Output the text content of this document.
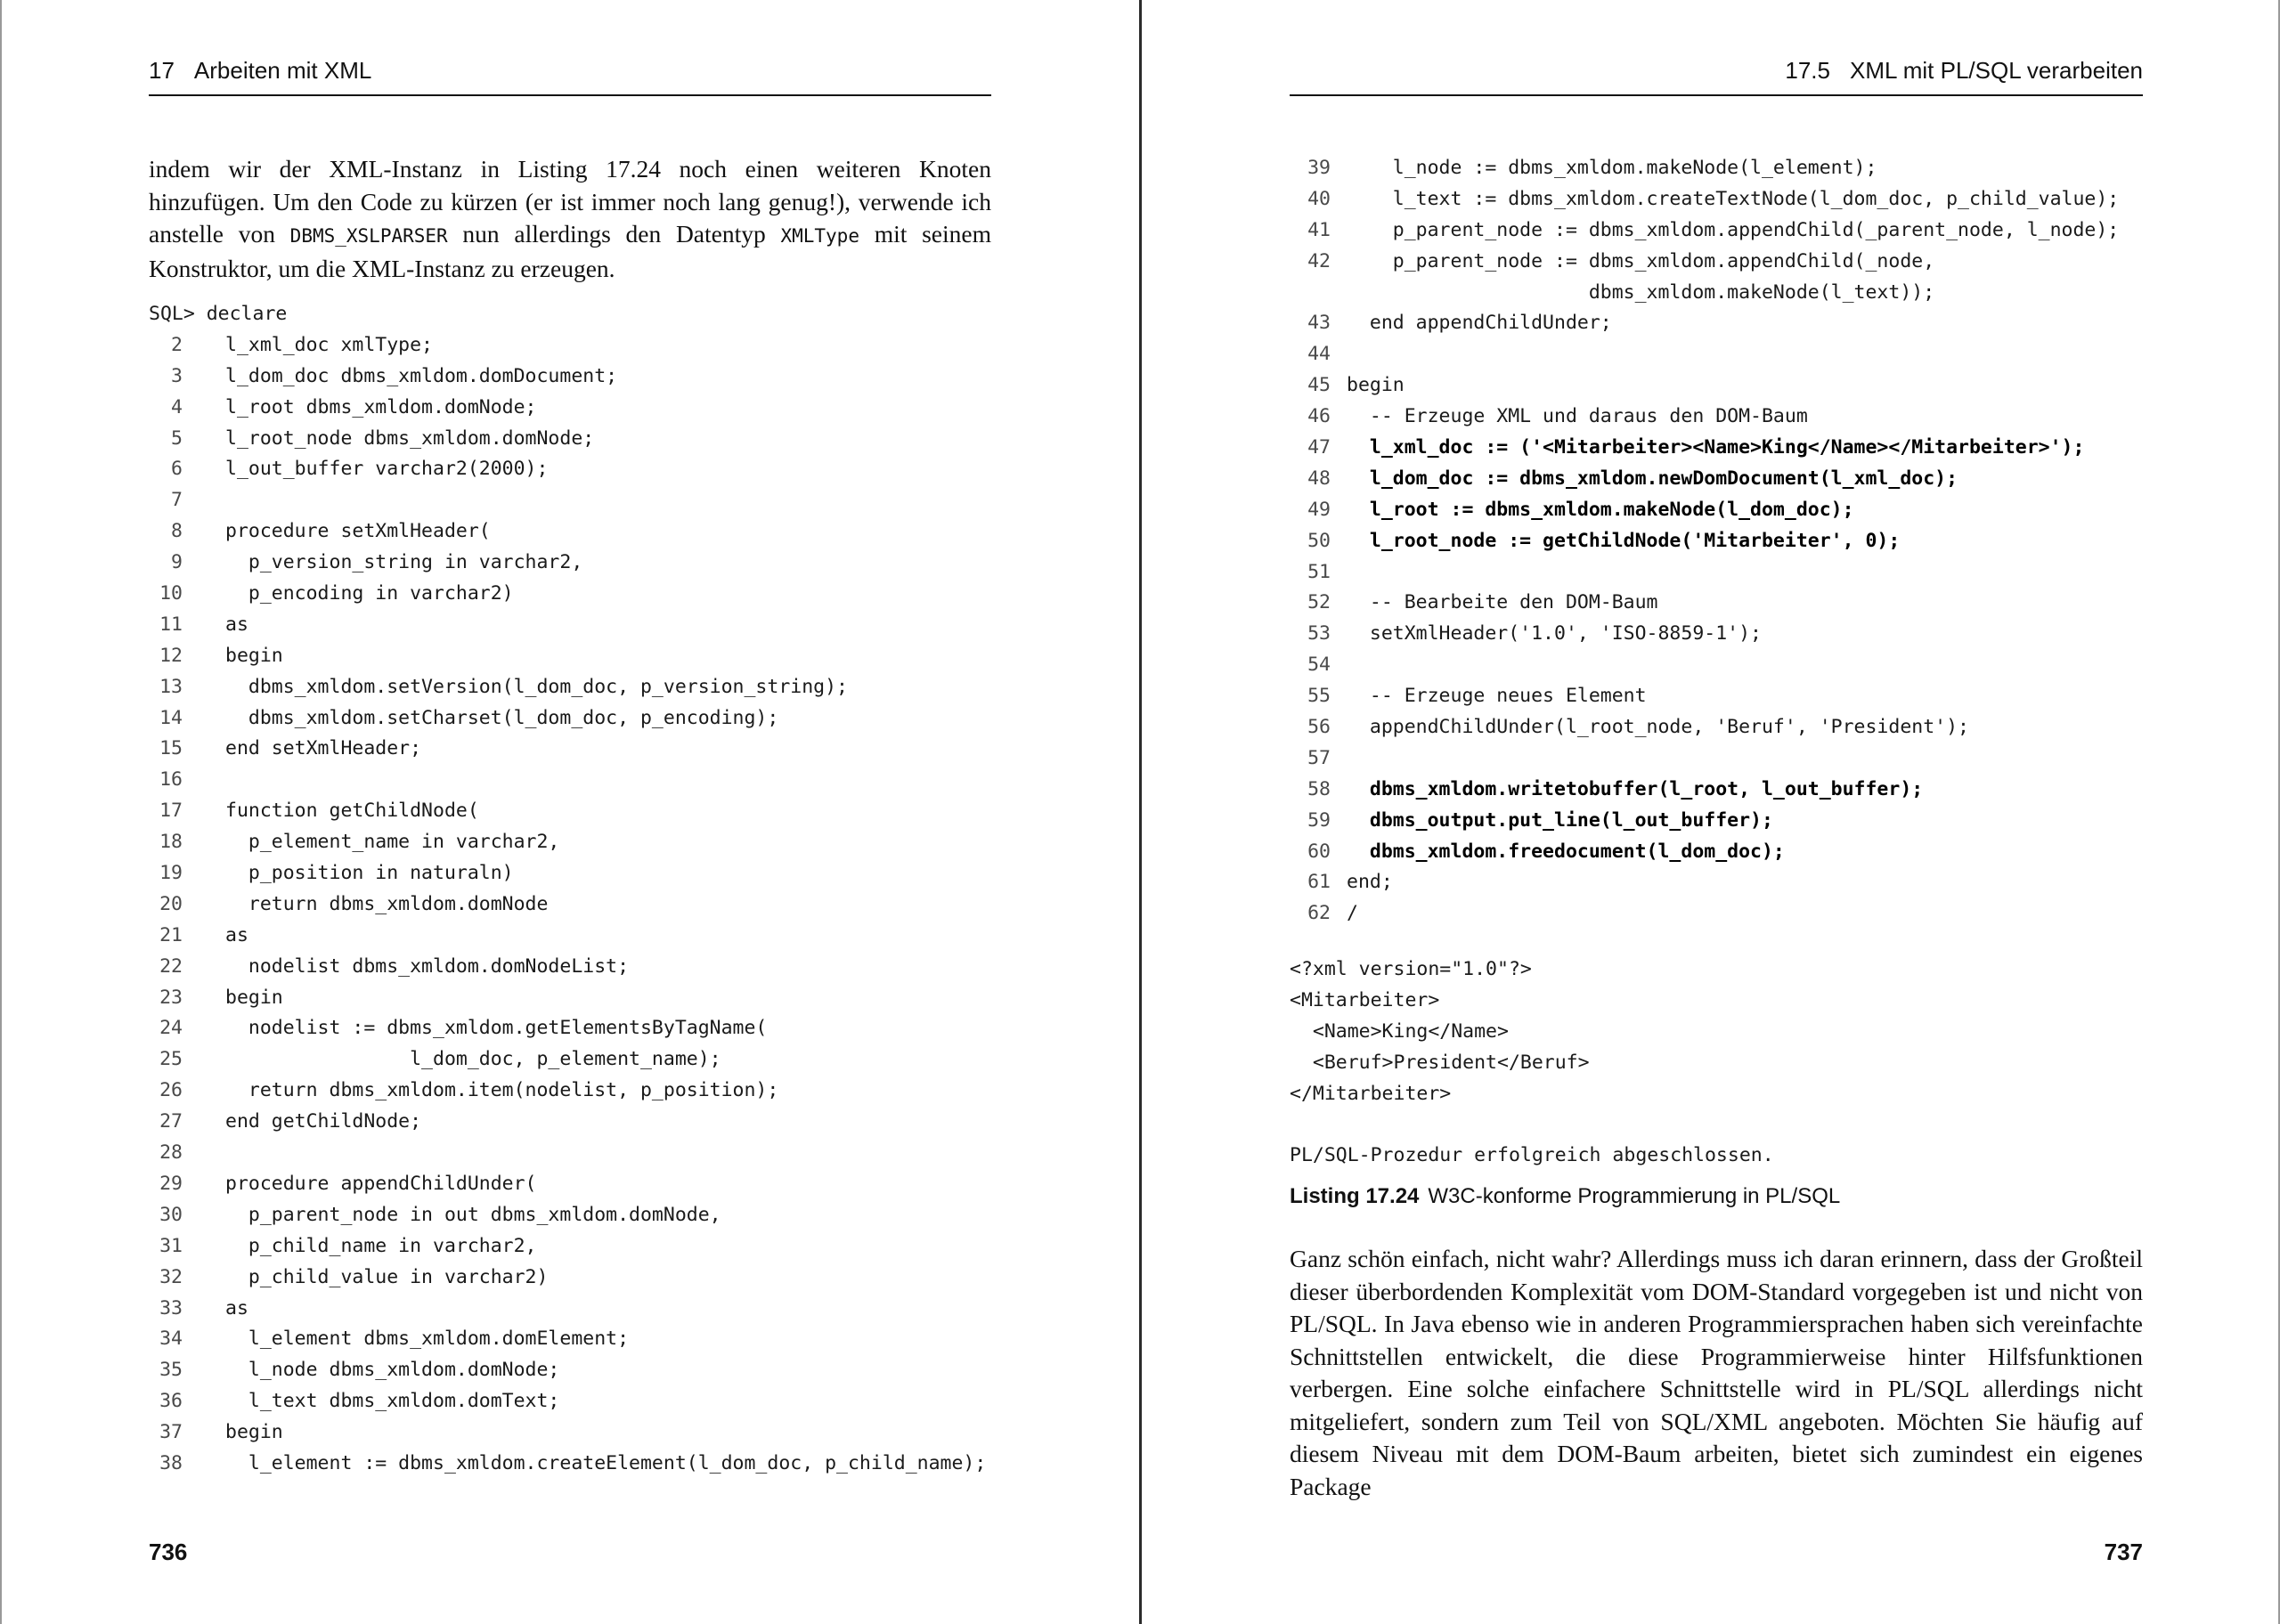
17 Arbeiten mit XML
indem wir der XML-Instanz in Listing 17.24 noch einen weiteren Knoten hinzufügen. Um den Code zu kürzen (er ist immer noch lang genug!), verwende ich anstelle von DBMS_XSLPARSER nun allerdings den Datentyp XMLType mit seinem Konstruktor, um die XML-Instanz zu erzeugen.
SQL> declare
2 l_xml_doc xmlType;
3 l_dom_doc dbms_xmldom.domDocument;
4 l_root dbms_xmldom.domNode;
5 l_root_node dbms_xmldom.domNode;
6 l_out_buffer varchar2(2000);
7
8 procedure setXmlHeader(
9 p_version_string in varchar2,
10 p_encoding in varchar2)
11 as
12 begin
13 dbms_xmldom.setVersion(l_dom_doc, p_version_string);
14 dbms_xmldom.setCharset(l_dom_doc, p_encoding);
15 end setXmlHeader;
16
17 function getChildNode(
18 p_element_name in varchar2,
19 p_position in naturaln)
20 return dbms_xmldom.domNode
21 as
22 nodelist dbms_xmldom.domNodeList;
23 begin
24 nodelist := dbms_xmldom.getElementsByTagName(
25 l_dom_doc, p_element_name);
26 return dbms_xmldom.item(nodelist, p_position);
27 end getChildNode;
28
29 procedure appendChildUnder(
30 p_parent_node in out dbms_xmldom.domNode,
31 p_child_name in varchar2,
32 p_child_value in varchar2)
33 as
34 l_element dbms_xmldom.domElement;
35 l_node dbms_xmldom.domNode;
36 l_text dbms_xmldom.domText;
37 begin
38 l_element := dbms_xmldom.createElement(l_dom_doc, p_child_name);
736
17.5 XML mit PL/SQL verarbeiten
39 l_node := dbms_xmldom.makeNode(l_element);
40 l_text := dbms_xmldom.createTextNode(l_dom_doc, p_child_value);
41 p_parent_node := dbms_xmldom.appendChild(_parent_node, l_node);
42 p_parent_node := dbms_xmldom.appendChild(_node,
dbms_xmldom.makeNode(l_text));
43 end appendChildUnder;
44
45 begin
46 -- Erzeuge XML und daraus den DOM-Baum
47 l_xml_doc := ('<Mitarbeiter><Name>King</Name></Mitarbeiter>');
48 l_dom_doc := dbms_xmldom.newDomDocument(l_xml_doc);
49 l_root := dbms_xmldom.makeNode(l_dom_doc);
50 l_root_node := getChildNode('Mitarbeiter', 0);
51
52 -- Bearbeite den DOM-Baum
53 setXmlHeader('1.0', 'ISO-8859-1');
54
55 -- Erzeuge neues Element
56 appendChildUnder(l_root_node, 'Beruf', 'President');
57
58 dbms_xmldom.writetobuffer(l_root, l_out_buffer);
59 dbms_output.put_line(l_out_buffer);
60 dbms_xmldom.freedocument(l_dom_doc);
61 end;
62 /
<?xml version="1.0"?>
<Mitarbeiter>
<Name>King</Name>
<Beruf>President</Beruf>
</Mitarbeiter>
PL/SQL-Prozedur erfolgreich abgeschlossen.
Listing 17.24 W3C-konforme Programmierung in PL/SQL
Ganz schön einfach, nicht wahr? Allerdings muss ich daran erinnern, dass der Großteil dieser überbordenden Komplexität vom DOM-Standard vorgegeben ist und nicht von PL/SQL. In Java ebenso wie in anderen Programmiersprachen haben sich vereinfachte Schnittstellen entwickelt, die diese Programmierweise hinter Hilfsfunktionen verbergen. Eine solche einfachere Schnittstelle wird in PL/SQL allerdings nicht mitgeliefert, sondern zum Teil von SQL/XML angeboten. Möchten Sie häufig auf diesem Niveau mit dem DOM-Baum arbeiten, bietet sich zumindest ein eigenes Package
737
